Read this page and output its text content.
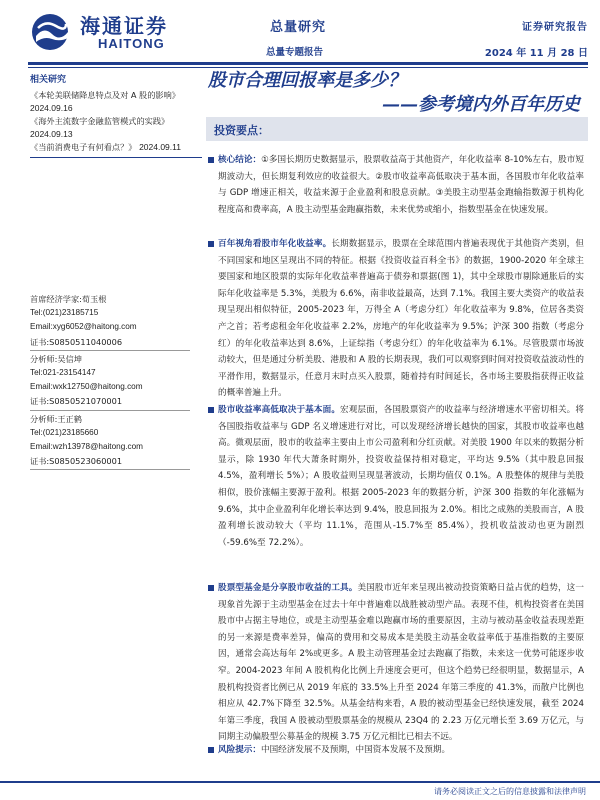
海通证券
HAITONG
总量研究
总量专题报告
证券研究报告
2024 年 11 月 28 日
相关研究
《本轮美联储降息特点及对 A 股的影响》
2024.09.16
《海外主流数字金融监管模式的实践》
2024.09.13
《当前消费电子有何看点？》 2024.09.11
首席经济学家:荀玉根
Tel:(021)23185715
Email:xyg6052@haitong.com
证书:S0850511040006
分析师:吴信坤
Tel:021-23154147
Email:wxk12750@haitong.com
证书:S0850521070001
分析师:王正鹤
Tel:(021)23185660
Email:wzh13978@haitong.com
证书:S0850523060001
股市合理回报率是多少？
——参考境内外百年历史
投资要点：
核心结论：①多国长期历史数据显示，股票收益高于其他资产，年化收益率 8-10%左右，股市短期波动大，但长期复利效应的收益很大。②股市收益率高低取决于基本面，各国股市年化收益率与 GDP 增速正相关，收益来源于企业盈利和股息贡献。③美股主动型基金跑输指数源于机构化程度高和费率高，A 股主动型基金跑赢指数，未来优势或缩小，指数型基金在快速发展。
百年视角看股市年化收益率。长期数据显示，股票在全球范围内普遍表现优于其他资产类别，但不同国家和地区呈现出不同的特征。根据《投资收益百科全书》的数据，1900-2020 年全球主要国家和地区股票的实际年化收益率普遍高于债券和票据(图 1)，其中全球股市剔除通胀后的实际年化收益率是 5.3%，美股为 6.6%，南非收益最高，达到 7.1%。我国主要大类资产的收益表现呈现出相似特征，2005-2023 年，万得全 A（考虑分红）年化收益率为 9.8%，位居各类资产之首；若考虑租金年化收益率 2.2%，房地产的年化收益率为 9.5%；沪深 300 指数（考虑分红）的年化收益率达到 8.6%，上证综指（考虑分红）的年化收益率为 6.1%。尽管股票市场波动较大，但是通过分析美股、港股和 A 股的长期表现，我们可以观察到时间对投资收益波动性的平滑作用，数据显示，任意月末时点买入股票，随着持有时间延长，各市场主要股指获得正收益的概率普遍上升。
股市收益率高低取决于基本面。宏观层面，各国股票资产的收益率与经济增速水平密切相关。将各国股指收益率与 GDP 名义增速进行对比，可以发现经济增长越快的国家，其股市收益率也越高。微观层面，股市的收益率主要由上市公司盈利和分红贡献。对美股 1900 年以来的数据分析显示，除 1930 年代大萧条时期外，投资收益保持相对稳定，平均达 9.5%（其中股息回报 4.5%，盈利增长 5%）；A 股收益则呈现显著波动，长期均值仅 0.1%。A 股整体的规律与美股相似，股价涨幅主要源于盈利。根据 2005-2023 年的数据分析，沪深 300 指数的年化涨幅为 9.6%，其中企业盈利年化增长率达到 9.4%，股息回报为 2.0%。相比之成熟的美股而言，A 股盈利增长波动较大（平均 11.1%，范围从-15.7%至 85.4%），投机收益波动也更为剧烈（-59.6%至 72.2%）。
股票型基金是分享股市收益的工具。美国股市近年来呈现出被动投资策略日益占优的趋势，这一现象首先源于主动型基金在过去十年中普遍难以战胜被动型产品。表现不佳，机构投资者在美国股市中占据主导地位，或是主动型基金难以跑赢市场的重要原因，主动与被动基金收益表现差距的另一来源是费率差异，偏高的费用和交易成本是美股主动基金收益率低于基准指数的主要原因，通常会高达每年 2%或更多。A 股主动管理基金过去跑赢了指数，未来这一优势可能逐步收窄。2004-2023 年间 A 股机构化比例上升速度会更可，但这个趋势已经很明显，数据显示，A 股机构投资者比例已从 2019 年底的 33.5%上升至 2024 年第三季度的 41.3%，而散户比例也相应从 42.7%下降至 32.5%。从基金结构来看，A 股的被动型基金已经快速发展，截至 2024 年第三季度，我国 A 股被动型股票基金的规模从 23Q4 的 2.23 万亿元增长至 3.69 万亿元，与同期主动偏股型公募基金的规模 3.75 万亿元相比已相去不远。
风险提示：中国经济发展不及预期，中国资本发展不及预期。
请务必阅读正文之后的信息披露和法律声明
